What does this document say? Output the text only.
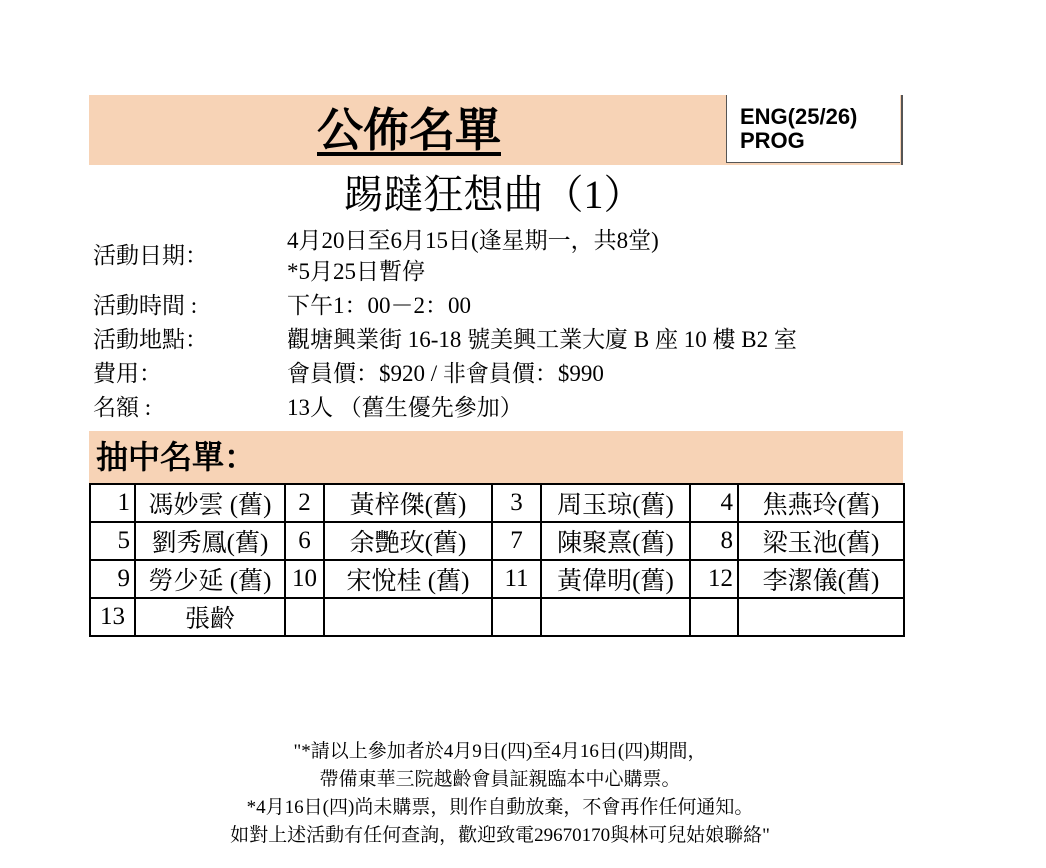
公佈名單	ENG(25/26)
PROG
踢躂狂想曲（1）
活動日期：
4月20日至6月15日(逢星期一，共8堂)
*5月25日暫停
活動時間 :	下午1：00－2：00
活動地點：	觀塘興業街 16-18 號美興工業大廈 B 座 10 樓 B2 室
費用：	會員價：$920 / 非會員價：$990
名額 :	13人 （舊生優先參加）
抽中名單：
1	馮妙雲 (舊)	2	黃梓傑(舊)	3	周玉琼(舊)	4	焦燕玲(舊)
5	劉秀鳳(舊)	6	余艷玫(舊)	7	陳聚熹(舊)	8	梁玉池(舊)
9	勞少延 (舊)	10	宋悅桂 (舊)	11	黃偉明(舊)	12	李潔儀(舊)
13	張齡						
"*請以上參加者於4月9日(四)至4月16日(四)期間，
帶備東華三院越齡會員証親臨本中心購票。
*4月16日(四)尚未購票，則作自動放棄，不會再作任何通知。
如對上述活動有任何查詢，歡迎致電29670170與林可兒姑娘聯絡"
